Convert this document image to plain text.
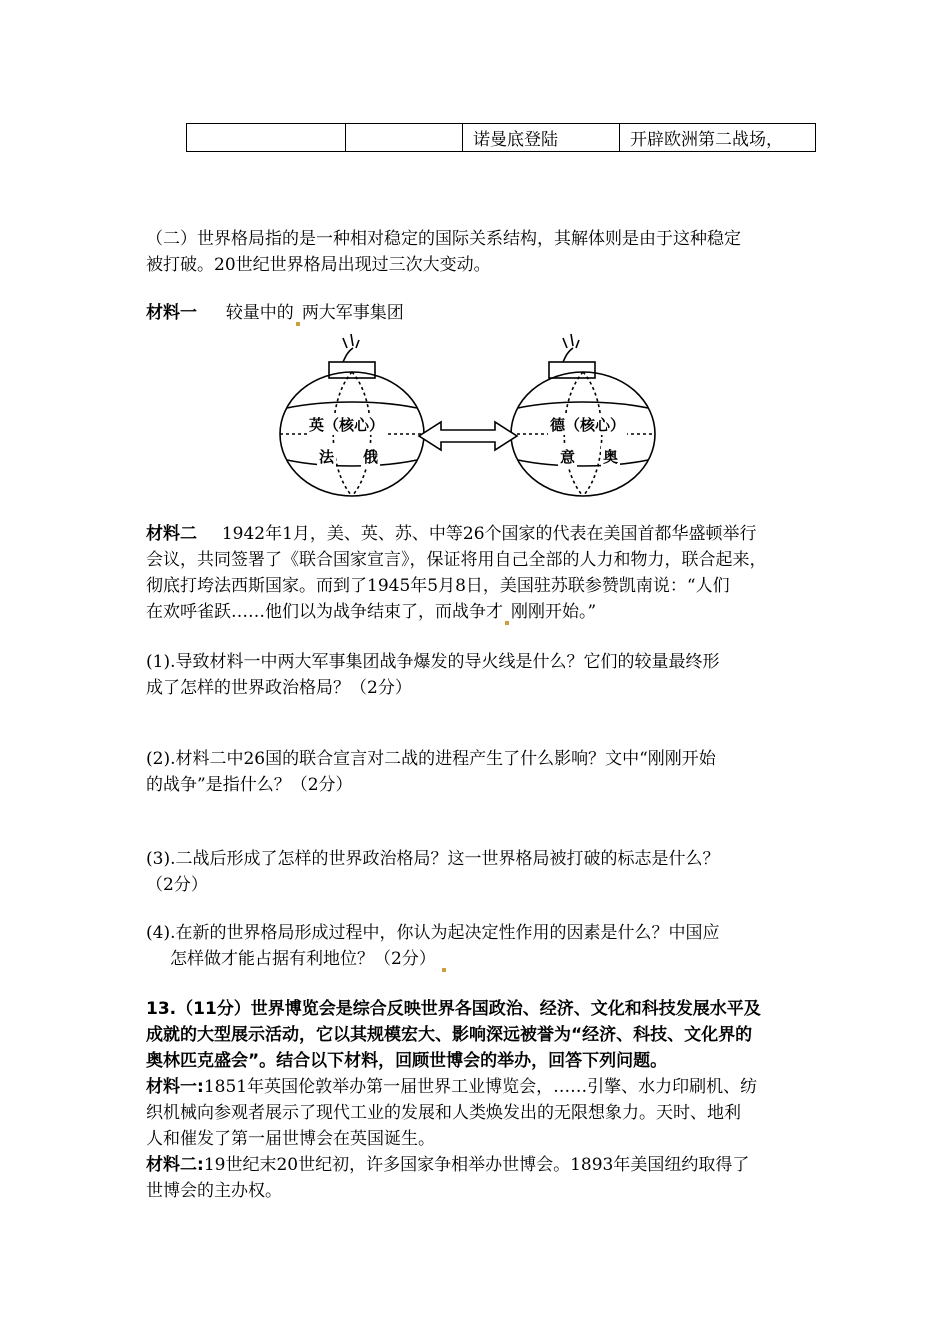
		诺曼底登陆	开辟欧洲第二战场，
（二）世界格局指的是一种相对稳定的国际关系结构，其解体则是由于这种稳定
被打破。20世纪世界格局出现过三次大变动。
材料一 较量中的 两大军事集团
英（核心）
法 俄
德（核心）
意 奥
材料二 1942年1月，美、英、苏、中等26个国家的代表在美国首都华盛顿举行
会议，共同签署了《联合国家宣言》，保证将用自己全部的人力和物力，联合起来，
彻底打垮法西斯国家。而到了1945年5月8日，美国驻苏联参赞凯南说：“人们
在欢呼雀跃……他们以为战争结束了，而战争才 刚刚开始。”
(1).导致材料一中两大军事集团战争爆发的导火线是什么？它们的较量最终形
成了怎样的世界政治格局？（2分）
(2).材料二中26国的联合宣言对二战的进程产生了什么影响？文中“刚刚开始
的战争”是指什么？（2分）
(3).二战后形成了怎样的世界政治格局？这一世界格局被打破的标志是什么？
（2分）
(4).在新的世界格局形成过程中，你认为起决定性作用的因素是什么？中国应
怎样做才能占据有利地位？（2分）
13.（11分）世界博览会是综合反映世界各国政治、经济、文化和科技发展水平及
成就的大型展示活动，它以其规模宏大、影响深远被誉为“经济、科技、文化界的
奥林匹克盛会”。结合以下材料，回顾世博会的举办，回答下列问题。
材料一:1851年英国伦敦举办第一届世界工业博览会，……引擎、水力印刷机、纺
织机械向参观者展示了现代工业的发展和人类焕发出的无限想象力。天时、地利
人和催发了第一届世博会在英国诞生。
材料二:19世纪末20世纪初，许多国家争相举办世博会。1893年美国纽约取得了
世博会的主办权。
